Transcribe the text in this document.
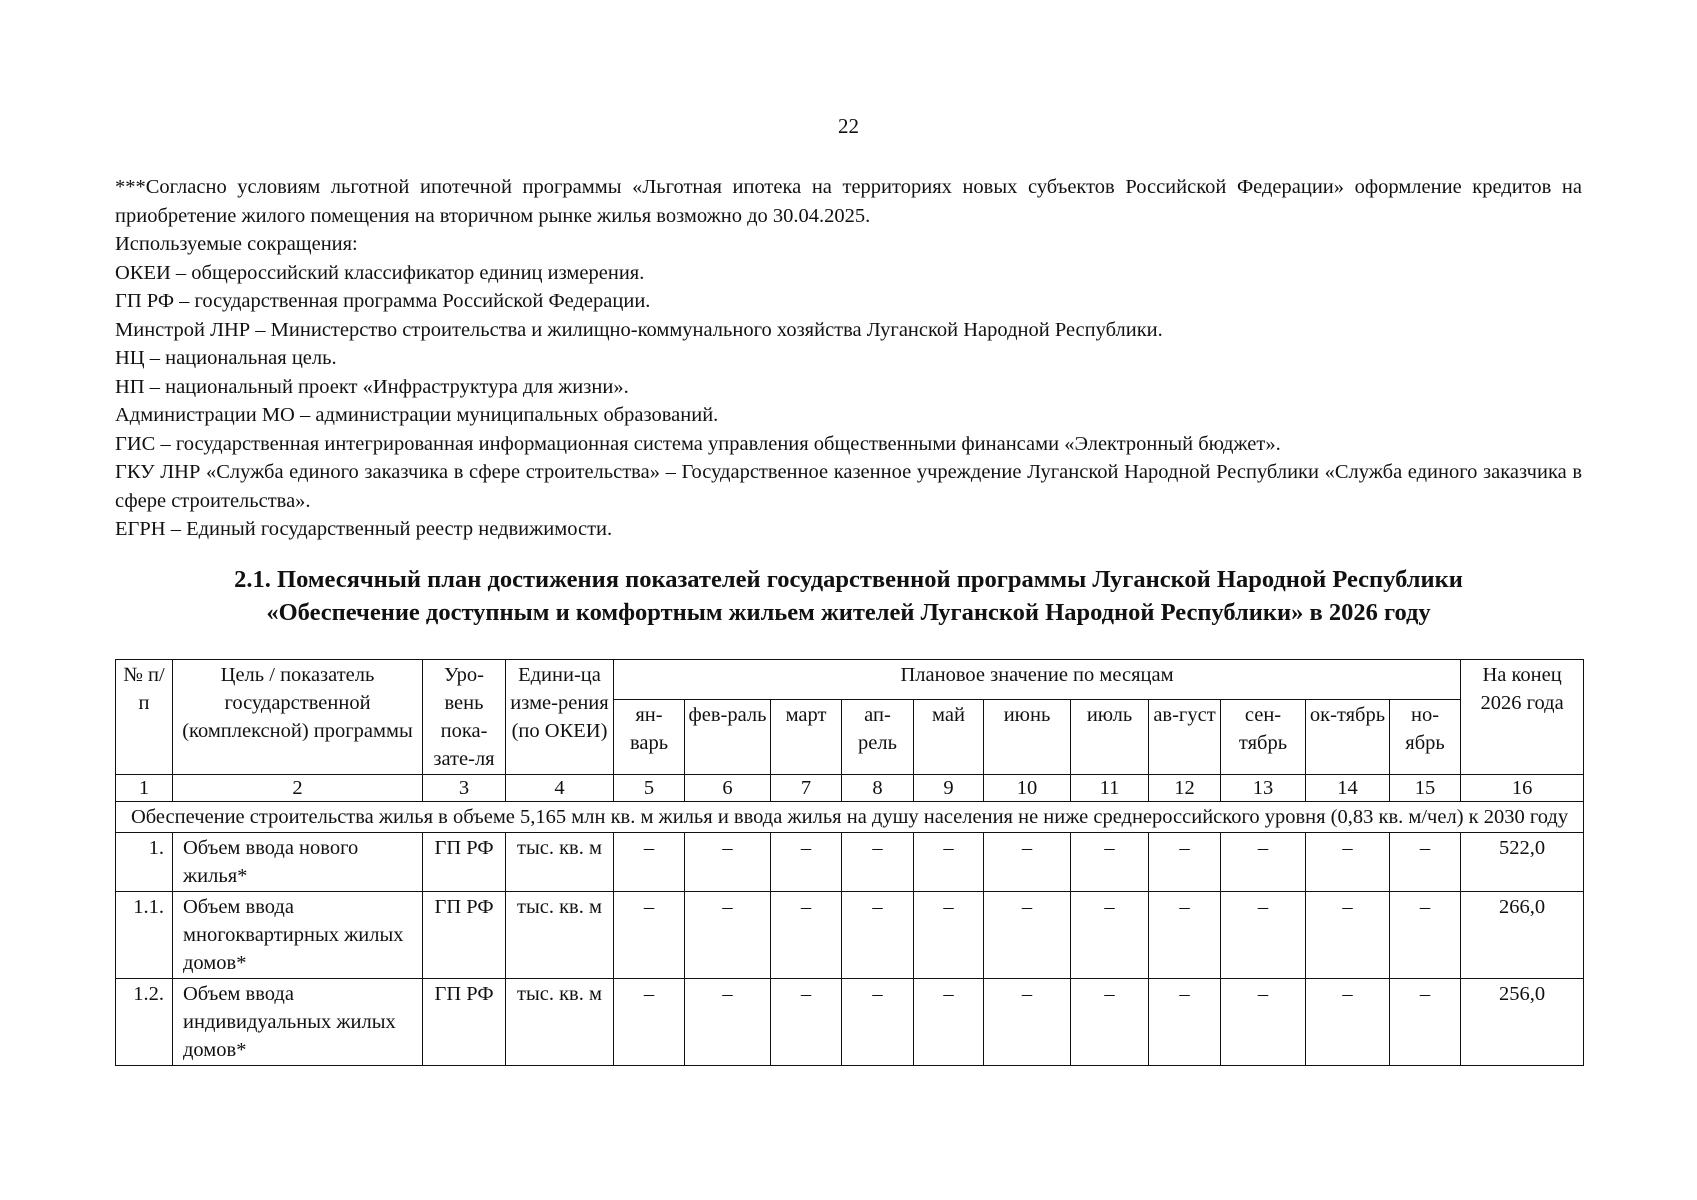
22

***Согласно условиям льготной ипотечной программы «Льготная ипотека на территориях новых субъектов Российской Федерации» оформление кредитов на приобретение жилого помещения на вторичном рынке жилья возможно до 30.04.2025.

Используемые сокращения:

ОКЕИ – общероссийский классификатор единиц измерения.

ГП РФ – государственная программа Российской Федерации.

Минстрой ЛНР – Министерство строительства и жилищно-коммунального хозяйства Луганской Народной Республики.

НЦ – национальная цель.

НП – национальный проект «Инфраструктура для жизни».

Администрации МО – администрации муниципальных образований.

ГИС – государственная интегрированная информационная система управления общественными финансами «Электронный бюджет».

ГКУ ЛНР «Служба единого заказчика в сфере строительства» – Государственное казенное учреждение Луганской Народной Республики «Служба единого заказчика в сфере строительства».

ЕГРН – Единый государственный реестр недвижимости.

2.1. Помесячный план достижения показателей государственной программы Луганской Народной Республики
«Обеспечение доступным и комфортным жильем жителей Луганской Народной Республики» в 2026 году
№ п/п	Цель / показатель государственной (комплексной) программы	Уро-вень пока-зате-ля	Едини-ца изме-рения (по ОКЕИ)	Плановое значение по месяцам											На конец 2026 года
				ян-варь	фев-раль	март	ап-рель	май	июнь	июль	ав-густ	сен-тябрь	ок-тябрь	но-ябрь	
1	2	3	4	5	6	7	8	9	10	11	12	13	14	15	16
Обеспечение строительства жилья в объеме 5,165 млн кв. м жилья и ввода жилья на душу населения не ниже среднероссийского уровня (0,83 кв. м/чел) к 2030 году															
1.	Объем ввода нового жилья*	ГП РФ	тыс. кв. м	–	–	–	–	–	–	–	–	–	–	–	522,0
1.1.	Объем ввода многоквартирных жилых домов*	ГП РФ	тыс. кв. м	–	–	–	–	–	–	–	–	–	–	–	266,0
1.2.	Объем ввода индивидуальных жилых домов*	ГП РФ	тыс. кв. м	–	–	–	–	–	–	–	–	–	–	–	256,0
